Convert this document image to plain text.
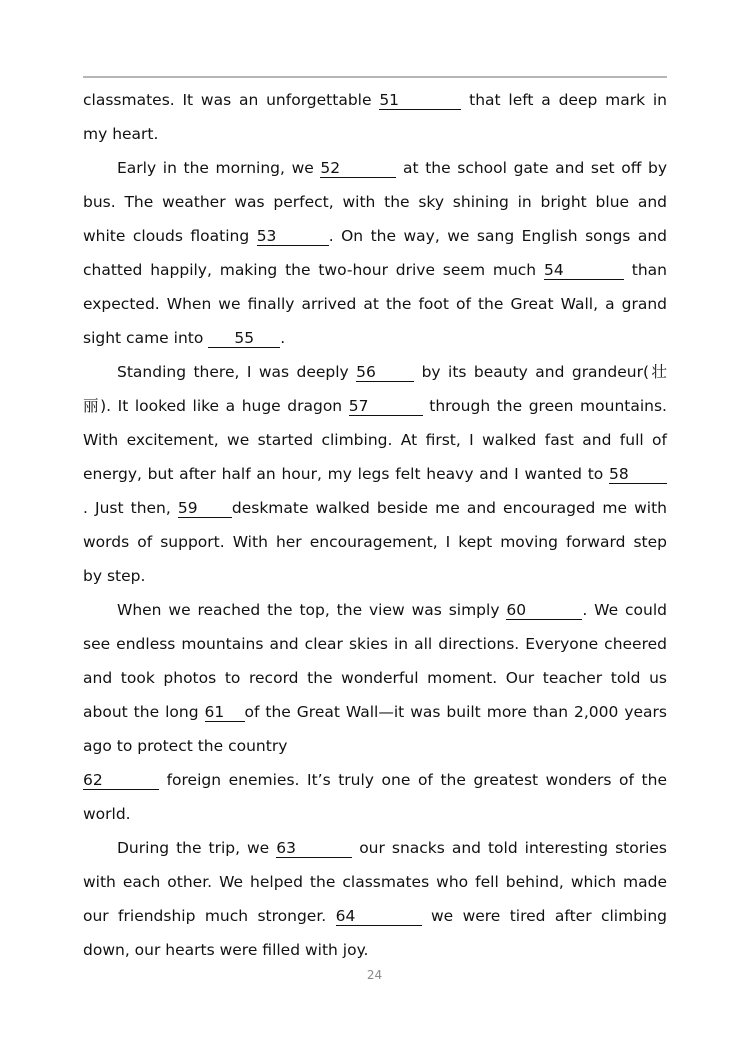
classmates. It was an unforgettable 51	that left a deep mark in
my heart.
Early in the morning, we 52	at the school gate and set off by
bus. The weather was perfect, with the sky shining in bright blue and
white clouds floating 53	. On the way, we sang English songs and
chatted happily, making the two-hour drive seem much 54	than
expected. When we finally arrived at the foot of the Great Wall, a grand
sight came into 55 .
Standing there, I was deeply 56 by its beauty and grandeur(壮
丽). It looked like a huge dragon 57	through the green mountains.
With excitement, we started climbing. At first, I walked fast and full of
energy, but after half an hour, my legs felt heavy and I wanted to 58
. Just then, 59 deskmate walked beside me and encouraged me with
words of support. With her encouragement, I kept moving forward step
by step.
When we reached the top, the view was simply 60	. We could
see endless mountains and clear skies in all directions. Everyone cheered
and took photos to record the wonderful moment. Our teacher told us
about the long 61 of the Great Wall—it was built more than 2,000 years
ago to protect the country
62	foreign enemies. It’s truly one of the greatest wonders of the
world.
During the trip, we 63	our snacks and told interesting stories
with each other. We helped the classmates who fell behind, which made
our friendship much stronger. 64	we were tired after climbing
down, our hearts were filled with joy.
24
